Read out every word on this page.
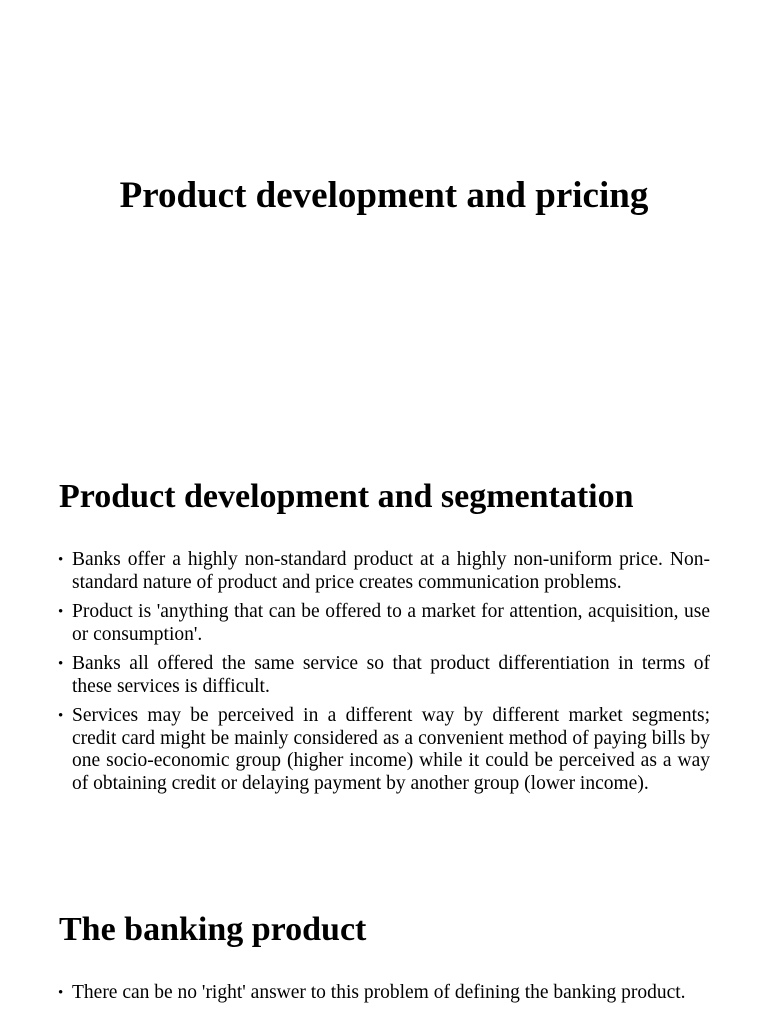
Product development and pricing
Product development and segmentation
• Banks offer a highly non-standard product at a highly non-uniform price. Non-standard nature of product and price creates communication problems.
• Product is 'anything that can be offered to a market for attention, acquisition, use or consumption'.
• Banks all offered the same service so that product differentiation in terms of these services is difficult.
• Services may be perceived in a different way by different market segments; credit card might be mainly considered as a convenient method of paying bills by one socio-economic group (higher income) while it could be perceived as a way of obtaining credit or delaying payment by another group (lower income).
The banking product
• There can be no 'right' answer to this problem of defining the banking product.
